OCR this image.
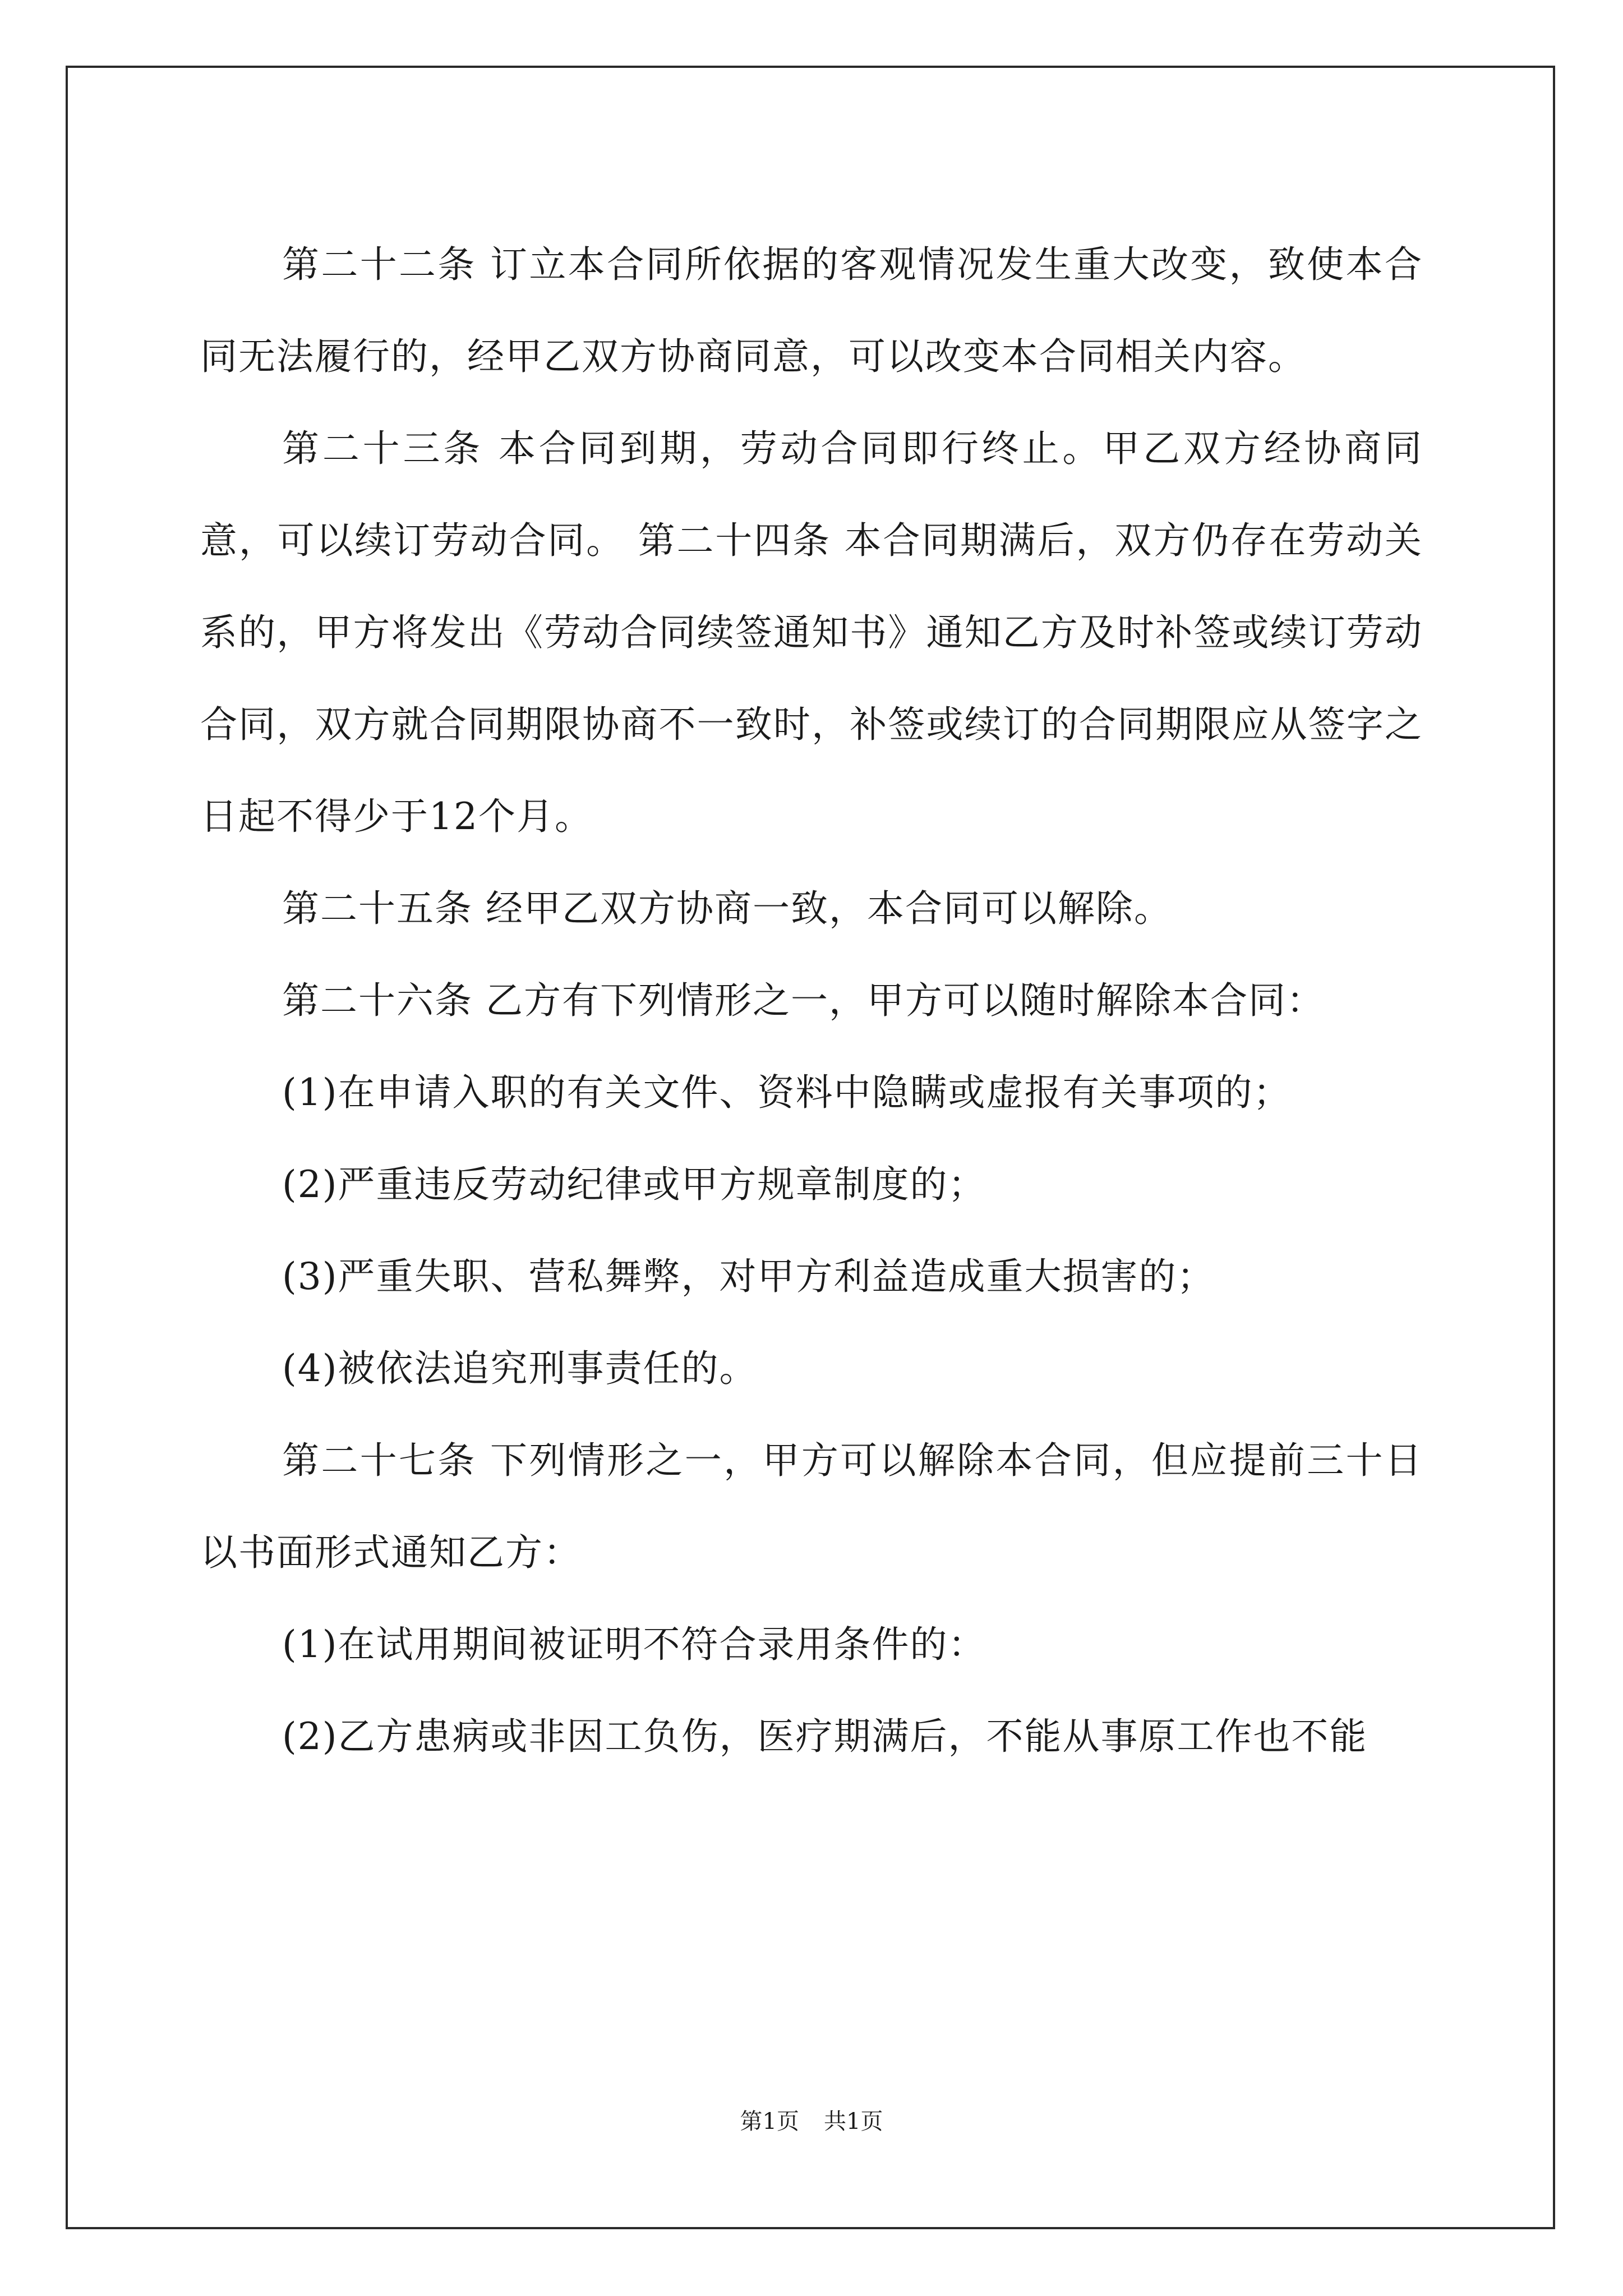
第二十二条 订立本合同所依据的客观情况发生重大改变，致使本合同无法履行的，经甲乙双方协商同意，可以改变本合同相关内容。

第二十三条 本合同到期，劳动合同即行终止。甲乙双方经协商同意，可以续订劳动合同。 第二十四条 本合同期满后，双方仍存在劳动关系的，甲方将发出《劳动合同续签通知书》通知乙方及时补签或续订劳动合同，双方就合同期限协商不一致时，补签或续订的合同期限应从签字之日起不得少于12个月。

第二十五条 经甲乙双方协商一致，本合同可以解除。

第二十六条 乙方有下列情形之一，甲方可以随时解除本合同：

(1)在申请入职的有关文件、资料中隐瞒或虚报有关事项的；

(2)严重违反劳动纪律或甲方规章制度的；

(3)严重失职、营私舞弊，对甲方利益造成重大损害的；

(4)被依法追究刑事责任的。

第二十七条 下列情形之一，甲方可以解除本合同，但应提前三十日以书面形式通知乙方：

(1)在试用期间被证明不符合录用条件的：

(2)乙方患病或非因工负伤，医疗期满后，不能从事原工作也不能

第1页 共1页
